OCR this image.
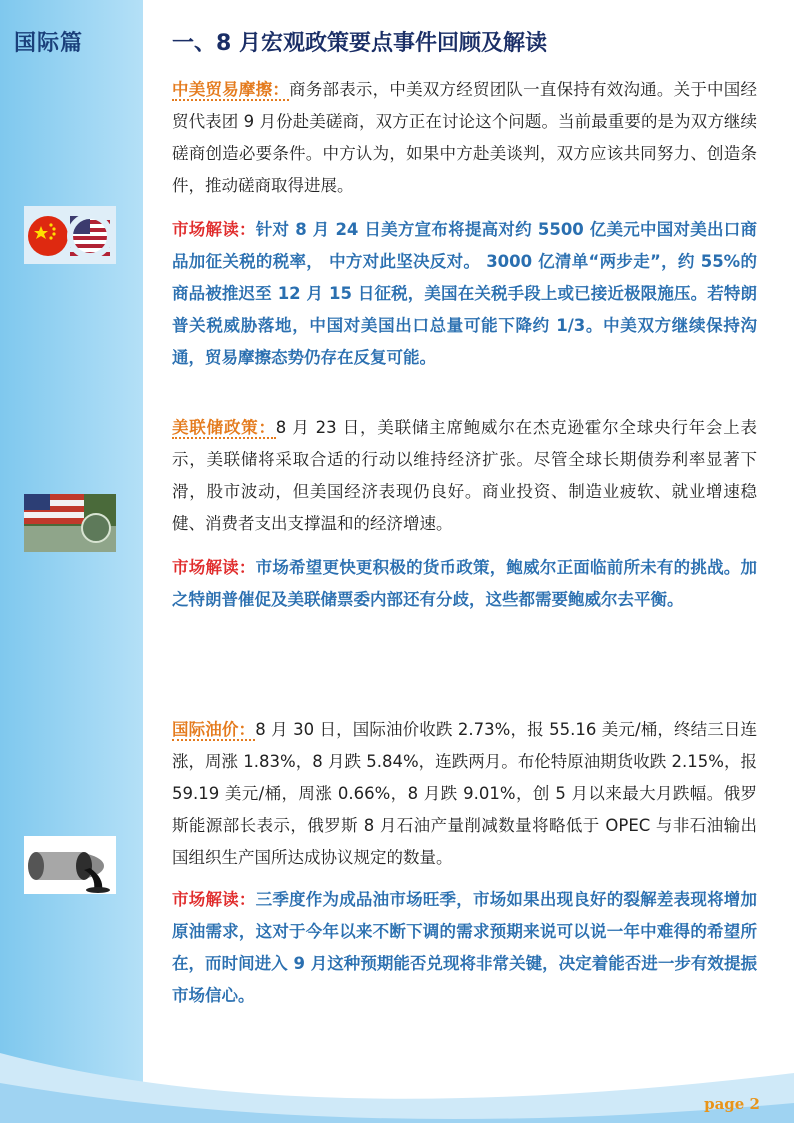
国际篇	一、8 月宏观政策要点事件回顾及解读

中美贸易摩擦：商务部表示，中美双方经贸团队一直保持有效沟通。关于中国经贸代表团 9 月份赴美磋商，双方正在讨论这个问题。当前最重要的是为双方继续磋商创造必要条件。中方认为，如果中方赴美谈判，双方应该共同努力、创造条件，推动磋商取得进展。

市场解读：针对 8 月 24 日美方宣布将提高对约 5500 亿美元中国对美出口商品加征关税的税率， 中方对此坚决反对。 3000 亿清单“两步走”，约 55%的商品被推迟至 12 月 15 日征税，美国在关税手段上或已接近极限施压。若特朗普关税威胁落地，中国对美国出口总量可能下降约 1/3。中美双方继续保持沟通，贸易摩擦态势仍存在反复可能。

美联储政策：8 月 23 日，美联储主席鲍威尔在杰克逊霍尔全球央行年会上表示，美联储将采取合适的行动以维持经济扩张。尽管全球长期债券利率显著下滑，股市波动，但美国经济表现仍良好。商业投资、制造业疲软、就业增速稳健、消费者支出支撑温和的经济增速。

市场解读：市场希望更快更积极的货币政策，鲍威尔正面临前所未有的挑战。加之特朗普催促及美联储票委内部还有分歧，这些都需要鲍威尔去平衡。

国际油价：8 月 30 日，国际油价收跌 2.73%，报 55.16 美元/桶，终结三日连涨，周涨 1.83%，8 月跌 5.84%，连跌两月。布伦特原油期货收跌 2.15%，报 59.19 美元/桶，周涨 0.66%，8 月跌 9.01%，创 5 月以来最大月跌幅。俄罗斯能源部长表示，俄罗斯 8 月石油产量削减数量将略低于 OPEC 与非石油输出国组织生产国所达成协议规定的数量。

市场解读：三季度作为成品油市场旺季，市场如果出现良好的裂解差表现将增加原油需求，这对于今年以来不断下调的需求预期来说可以说一年中难得的希望所在，而时间进入 9 月这种预期能否兑现将非常关键，决定着能否进一步有效提振市场信心。

page 2
